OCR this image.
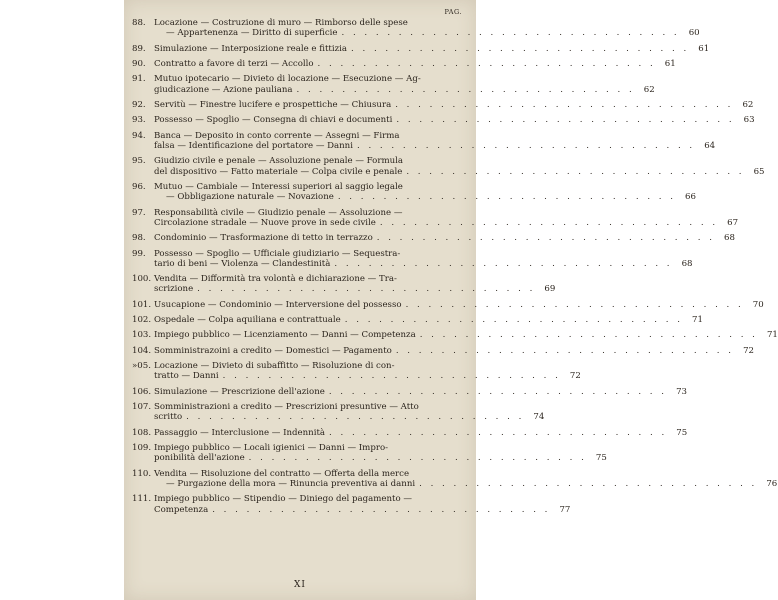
PAG.
88. Locazione — Costruzione di muro — Rimborso delle spese
— Appartenenza — Diritto di superficie . . . . . . . . . . . . . . . . . . . . . . . . . . . . . .	60
89. Simulazione — Interposizione reale e fittizia . . . . . . . . . . . . . . . . . . . . . . . . . . . . . .	61
90. Contratto a favore di terzi — Accollo . . . . . . . . . . . . . . . . . . . . . . . . . . . . . .	61
91. Mutuo ipotecario — Divieto di locazione — Esecuzione — Ag-
giudicazione — Azione pauliana . . . . . . . . . . . . . . . . . . . . . . . . . . . . . .	62
92. Servitù — Finestre lucifere e prospettiche — Chiusura . . . . . . . . . . . . . . . . . . . . . . . . . . . . . .	62
93. Possesso — Spoglio — Consegna di chiavi e documenti . . . . . . . . . . . . . . . . . . . . . . . . . . . . . .	63
94. Banca — Deposito in conto corrente — Assegni — Firma
falsa — Identificazione del portatore — Danni . . . . . . . . . . . . . . . . . . . . . . . . . . . . . .	64
95. Giudizio civile e penale — Assoluzione penale — Formula
del dispositivo — Fatto materiale — Colpa civile e penale . . . . . . . . . . . . . . . . . . . . . . . . . . . . . .	65
96. Mutuo — Cambiale — Interessi superiori al saggio legale
— Obbligazione naturale — Novazione . . . . . . . . . . . . . . . . . . . . . . . . . . . . . .	66
97. Responsabilità civile — Giudizio penale — Assoluzione —
Circolazione stradale — Nuove prove in sede civile . . . . . . . . . . . . . . . . . . . . . . . . . . . . . .	67
98. Condominio — Trasformazione di tetto in terrazzo . . . . . . . . . . . . . . . . . . . . . . . . . . . . . .	68
99. Possesso — Spoglio — Ufficiale giudiziario — Sequestra-
tario di beni — Violenza — Clandestinità . . . . . . . . . . . . . . . . . . . . . . . . . . . . . .	68
100. Vendita — Difformità tra volontà e dichiarazione — Tra-
scrizione . . . . . . . . . . . . . . . . . . . . . . . . . . . . . .	69
101. Usucapione — Condominio — Interversione del possesso . . . . . . . . . . . . . . . . . . . . . . . . . . . . . .	70
102. Ospedale — Colpa aquiliana e contrattuale . . . . . . . . . . . . . . . . . . . . . . . . . . . . . .	71
103. Impiego pubblico — Licenziamento — Danni — Competenza . . . . . . . . . . . . . . . . . . . . . . . . . . . . . .	71
104. Somministrazoini a credito — Domestici — Pagamento . . . . . . . . . . . . . . . . . . . . . . . . . . . . . .	72
»05. Locazione — Divieto di subaffitto — Risoluzione di con-
tratto — Danni . . . . . . . . . . . . . . . . . . . . . . . . . . . . . .	72
106. Simulazione — Prescrizione dell'azione . . . . . . . . . . . . . . . . . . . . . . . . . . . . . .	73
107. Somministrazioni a credito — Prescrizioni presuntive — Atto
scritto . . . . . . . . . . . . . . . . . . . . . . . . . . . . . .	74
108. Passaggio — Interclusione — Indennità . . . . . . . . . . . . . . . . . . . . . . . . . . . . . .	75
109. Impiego pubblico — Locali igienici — Danni — Impro-
ponibilità dell'azione . . . . . . . . . . . . . . . . . . . . . . . . . . . . . .	75
110. Vendita — Risoluzione del contratto — Offerta della merce
— Purgazione della mora — Rinuncia preventiva ai danni . . . . . . . . . . . . . . . . . . . . . . . . . . . . . .	76
111. Impiego pubblico — Stipendio — Diniego del pagamento —
Competenza . . . . . . . . . . . . . . . . . . . . . . . . . . . . . .	77
XI
